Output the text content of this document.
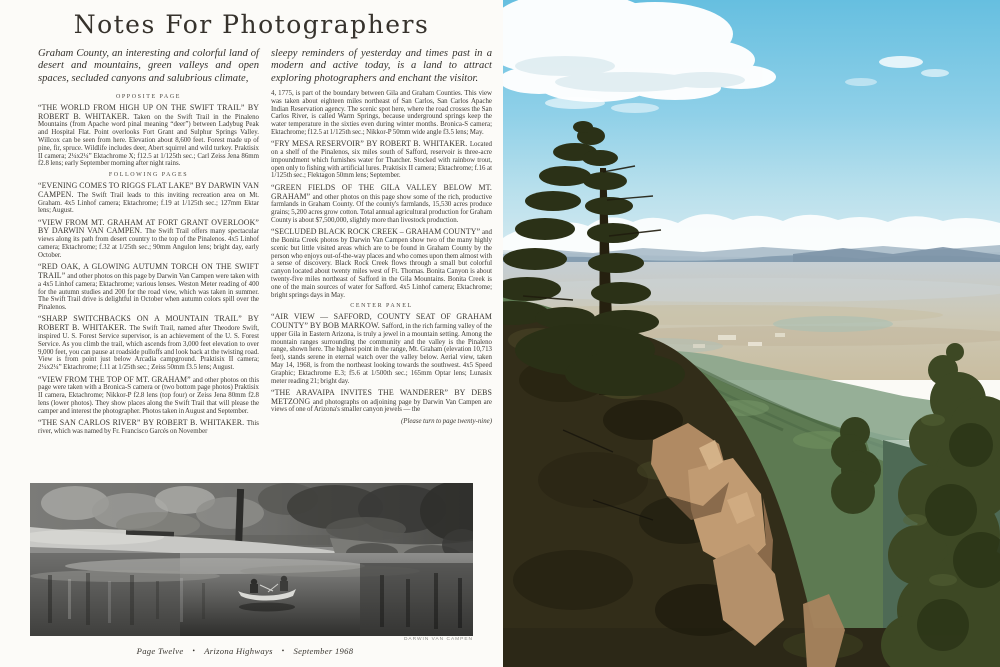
Notes For Photographers
Graham County, an interesting and colorful land of desert and mountains, green valleys and open spaces, secluded canyons and salubrious climate,
sleepy reminders of yesterday and times past in a modern and active today, is a land to attract exploring photographers and enchant the visitor.
OPPOSITE PAGE

“THE WORLD FROM HIGH UP ON THE SWIFT TRAIL” BY ROBERT B. WHITAKER. Taken on the Swift Trail in the Pinaleno Mountains (from Apache word pinal meaning “deer”) between Ladybug Peak and Hospital Flat. Point overlooks Fort Grant and Sulphur Springs Valley. Willcox can be seen from here. Elevation about 8,600 feet. Forest made up of pine, fir, spruce. Wildlife includes deer, Abert squirrel and wild turkey. Praktisix II camera; 2¼x2¼” Ektachrome X; f12.5 at 1/125th sec.; Carl Zeiss Jena 86mm f2.8 lens; early September morning after night rains.

FOLLOWING PAGES

“EVENING COMES TO RIGGS FLAT LAKE” BY DARWIN VAN CAMPEN. The Swift Trail leads to this inviting recreation area on Mt. Graham. 4x5 Linhof camera; Ektachrome; f.19 at 1/125th sec.; 127mm Ektar lens; August.

“VIEW FROM MT. GRAHAM AT FORT GRANT OVERLOOK” BY DARWIN VAN CAMPEN. The Swift Trail offers many spectacular views along its path from desert country to the top of the Pinalenos. 4x5 Linhof camera; Ektachrome; f.32 at 1/25th sec.; 90mm Angulon lens; bright day, early October.

“RED OAK, A GLOWING AUTUMN TORCH ON THE SWIFT TRAIL” and other photos on this page by Darwin Van Campen were taken with a 4x5 Linhof camera; Ektachrome; various lenses. Weston Meter reading of 400 for the autumn studies and 200 for the road view, which was taken in summer. The Swift Trail drive is delightful in October when autumn colors spill over the Pinalenos.

“SHARP SWITCHBACKS ON A MOUNTAIN TRAIL” BY ROBERT B. WHITAKER. The Swift Trail, named after Theodore Swift, inspired U. S. Forest Service supervisor, is an achievement of the U. S. Forest Service. As you climb the trail, which ascends from 3,000 feet elevation to over 9,000 feet, you can pause at roadside pulloffs and look back at the twisting road. View is from point just below Arcadia campground. Praktisix II camera; 2¼x2¼” Ektachrome; f.11 at 1/25th sec.; Zeiss 50mm f3.5 lens; August.

“VIEW FROM THE TOP OF MT. GRAHAM” and other photos on this page were taken with a Bronica-S camera or (two bottom page photos) Praktisix II camera, Ektachrome; Nikkor-P f2.8 lens (top four) or Zeiss Jena 80mm f2.8 lens (lower photos). They show places along the Swift Trail that will please the camper and interest the photographer. Photos taken in August and September.

“THE SAN CARLOS RIVER” BY ROBERT B. WHITAKER. This river, which was named by Fr. Francisco Garcés on November

4, 1775, is part of the boundary between Gila and Graham Counties. This view was taken about eighteen miles northeast of San Carlos, San Carlos Apache Indian Reservation agency. The scenic spot here, where the road crosses the San Carlos River, is called Warm Springs, because underground springs keep the water temperature in the sixties even during winter months. Bronica-S camera; Ektachrome; f12.5 at 1/125th sec.; Nikkor-P 50mm wide angle f3.5 lens; May.

“FRY MESA RESERVOIR” BY ROBERT B. WHITAKER. Located on a shelf of the Pinalenos, six miles south of Safford, reservoir is three-acre impoundment which furnishes water for Thatcher. Stocked with rainbow trout, open only to fishing with artificial lures. Praktisix II camera; Ektachrome; f.16 at 1/125th sec.; Flektagon 50mm lens; September.

“GREEN FIELDS OF THE GILA VALLEY BELOW MT. GRAHAM” and other photos on this page show some of the rich, productive farmlands in Graham County. Of the county's farmlands, 15,530 acres produce grains; 5,200 acres grow cotton. Total annual agricultural production for Graham County is about $7,500,000, slightly more than livestock production.

“SECLUDED BLACK ROCK CREEK – GRAHAM COUNTY” and the Bonita Creek photos by Darwin Van Campen show two of the many highly scenic but little visited areas which are to be found in Graham County by the person who enjoys out-of-the-way places and who comes upon them almost with a sense of discovery. Black Rock Creek flows through a small but colorful canyon located about twenty miles west of Ft. Thomas. Bonita Canyon is about twenty-five miles northeast of Safford in the Gila Mountains. Bonita Creek is one of the main sources of water for Safford. 4x5 Linhof camera; Ektachrome; bright springs days in May.

CENTER PANEL

“AIR VIEW — SAFFORD, COUNTY SEAT OF GRAHAM COUNTY” BY BOB MARKOW. Safford, in the rich farming valley of the upper Gila in Eastern Arizona, is truly a jewel in a mountain setting. Among the mountain ranges surrounding the community and the valley is the Pinaleno range, shown here. The highest point in the range, Mt. Graham (elevation 10,713 feet), stands serene in eternal watch over the valley below. Aerial view, taken May 14, 1968, is from the northeast looking towards the southwest. 4x5 Speed Graphic; Ektachrome E.3; f5.6 at 1/500th sec.; 165mm Optar lens; Lunasix meter reading 21; bright day.

“THE ARAVAIPA INVITES THE WANDERER” BY DEBS METZONG and photographs on adjoining page by Darwin Van Campen are views of one of Arizona's smaller canyon jewels — the

(Please turn to page twenty-nine)
DARWIN VAN CAMPEN
Page Twelve • Arizona Highways • September 1968
